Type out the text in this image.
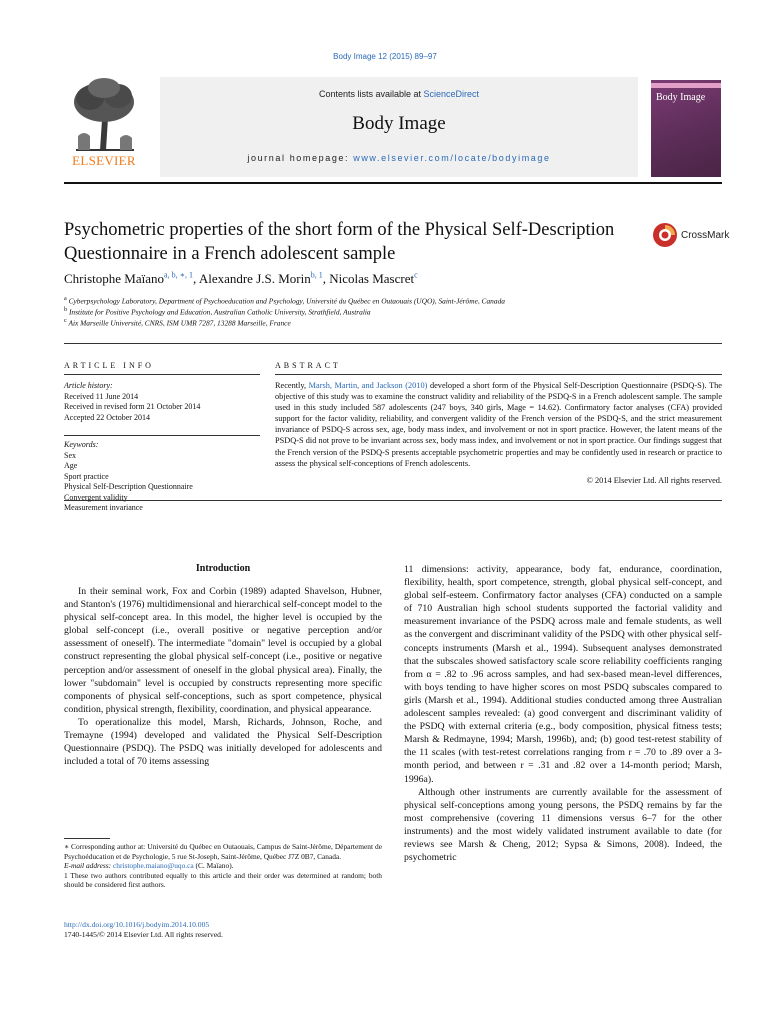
Body Image 12 (2015) 89–97
ELSEVIER
Contents lists available at ScienceDirect
Body Image
journal homepage: www.elsevier.com/locate/bodyimage
Body Image
Psychometric properties of the short form of the Physical Self-Description Questionnaire in a French adolescent sample
CrossMark
Christophe Maïano$^{a, b, ∗, 1}$, Alexandre J.S. Morin$^{b, 1}$, Nicolas Mascret$^c$
$^a$ Cyberpsychology Laboratory, Department of Psychoeducation and Psychology, Université du Québec en Outaouais (UQO), Saint-Jérôme, Canada
$^b$ Institute for Positive Psychology and Education, Australian Catholic University, Strathfield, Australia
$^c$ Aix Marseille Université, CNRS, ISM UMR 7287, 13288 Marseille, France
ARTICLE INFO
Article history:
Received 11 June 2014
Received in revised form 21 October 2014
Accepted 22 October 2014
Keywords:
Sex
Age
Sport practice
Physical Self-Description Questionnaire
Convergent validity
Measurement invariance
ABSTRACT
Recently, Marsh, Martin, and Jackson (2010) developed a short form of the Physical Self-Description Questionnaire (PSDQ-S). The objective of this study was to examine the construct validity and reliability of the PSDQ-S in a French adolescent sample. The sample used in this study included 587 adolescents (247 boys, 340 girls, Mage = 14.62). Confirmatory factor analyses (CFA) provided support for the factor validity, reliability, and convergent validity of the French version of the PSDQ-S, and the strict measurement invariance of PSDQ-S across sex, age, body mass index, and involvement or not in sport practice. However, the latent means of the PSDQ-S did not prove to be invariant across sex, body mass index, and involvement or not in sport practice. Our findings suggest that the French version of the PSDQ-S presents acceptable psychometric properties and may be confidently used in research or practice to assess the physical self-conceptions of French adolescents.
© 2014 Elsevier Ltd. All rights reserved.
Introduction

In their seminal work, Fox and Corbin (1989) adapted Shavelson, Hubner, and Stanton's (1976) multidimensional and hierarchical self-concept model to the physical self-concept area. In this model, the higher level is occupied by the global self-concept (i.e., overall positive or negative perception and/or assessment of oneself). The intermediate "domain" level is occupied by a global construct representing the global physical self-concept (i.e., positive or negative perception and/or assessment of oneself in the global physical area). Finally, the lower "subdomain" level is occupied by constructs representing more specific components of physical self-conceptions, such as sport competence, physical condition, physical strength, flexibility, coordination, and physical appearance.

To operationalize this model, Marsh, Richards, Johnson, Roche, and Tremayne (1994) developed and validated the Physical Self-Description Questionnaire (PSDQ). The PSDQ was initially developed for adolescents and included a total of 70 items assessing

11 dimensions: activity, appearance, body fat, endurance, coordination, flexibility, health, sport competence, strength, global physical self-concept, and global self-esteem. Confirmatory factor analyses (CFA) conducted on a sample of 710 Australian high school students supported the factorial validity and measurement invariance of the PSDQ across male and female students, as well as the convergent and discriminant validity of the PSDQ with other physical self-concepts instruments (Marsh et al., 1994). Subsequent analyses demonstrated that the subscales showed satisfactory scale score reliability coefficients ranging from α = .82 to .96 across samples, and had sex-based mean-level differences, with boys tending to have higher scores on most PSDQ subscales compared to girls (Marsh et al., 1994). Additional studies conducted among three Australian adolescent samples revealed: (a) good convergent and discriminant validity of the PSDQ with external criteria (e.g., body composition, physical fitness tests; Marsh & Redmayne, 1994; Marsh, 1996b), and; (b) good test-retest stability of the 11 scales (with test-retest correlations ranging from r = .70 to .89 over a 3-month period, and between r = .31 and .82 over a 14-month period; Marsh, 1996a).

Although other instruments are currently available for the assessment of physical self-conceptions among young persons, the PSDQ remains by far the most comprehensive (covering 11 dimensions versus 6–7 for the other instruments) and the most widely validated instrument available to date (for reviews see Marsh & Cheng, 2012; Sypsa & Simons, 2008). Indeed, the psychometric

∗ Corresponding author at: Université du Québec en Outaouais, Campus de Saint-Jérôme, Département de Psychoéducation et de Psychologie, 5 rue St-Joseph, Saint-Jérôme, Québec J7Z 0B7, Canada.

E-mail address: christophe.maiano@uqo.ca (C. Maïano).

1 These two authors contributed equally to this article and their order was determined at random; both should be considered first authors.

http://dx.doi.org/10.1016/j.bodyim.2014.10.005
1740-1445/© 2014 Elsevier Ltd. All rights reserved.
